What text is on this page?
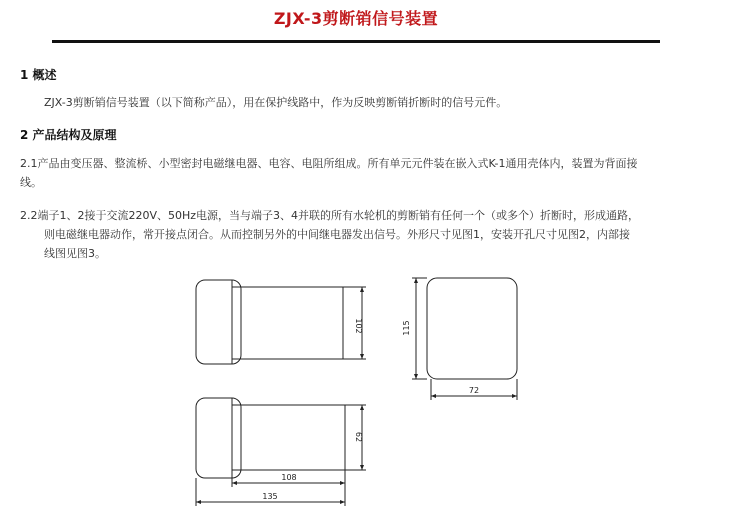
ZJX-3剪断销信号装置
1 概述
ZJX-3剪断销信号装置（以下简称产品），用在保护线路中，作为反映剪断销折断时的信号元件。
2 产品结构及原理
2.1产品由变压器、整流桥、小型密封电磁继电器、电容、电阻所组成。所有单元元件装在嵌入式K-1通用壳体内，装置为背面接
线。
2.2端子1、2接于交流220V、50Hz电源，当与端子3、4并联的所有水轮机的剪断销有任何一个（或多个）折断时，形成通路，
则电磁继电器动作，常开接点闭合。从而控制另外的中间继电器发出信号。外形尺寸见图1，安装开孔尺寸见图2，内部接
线图见图3。
102	115
72
62
108
135
